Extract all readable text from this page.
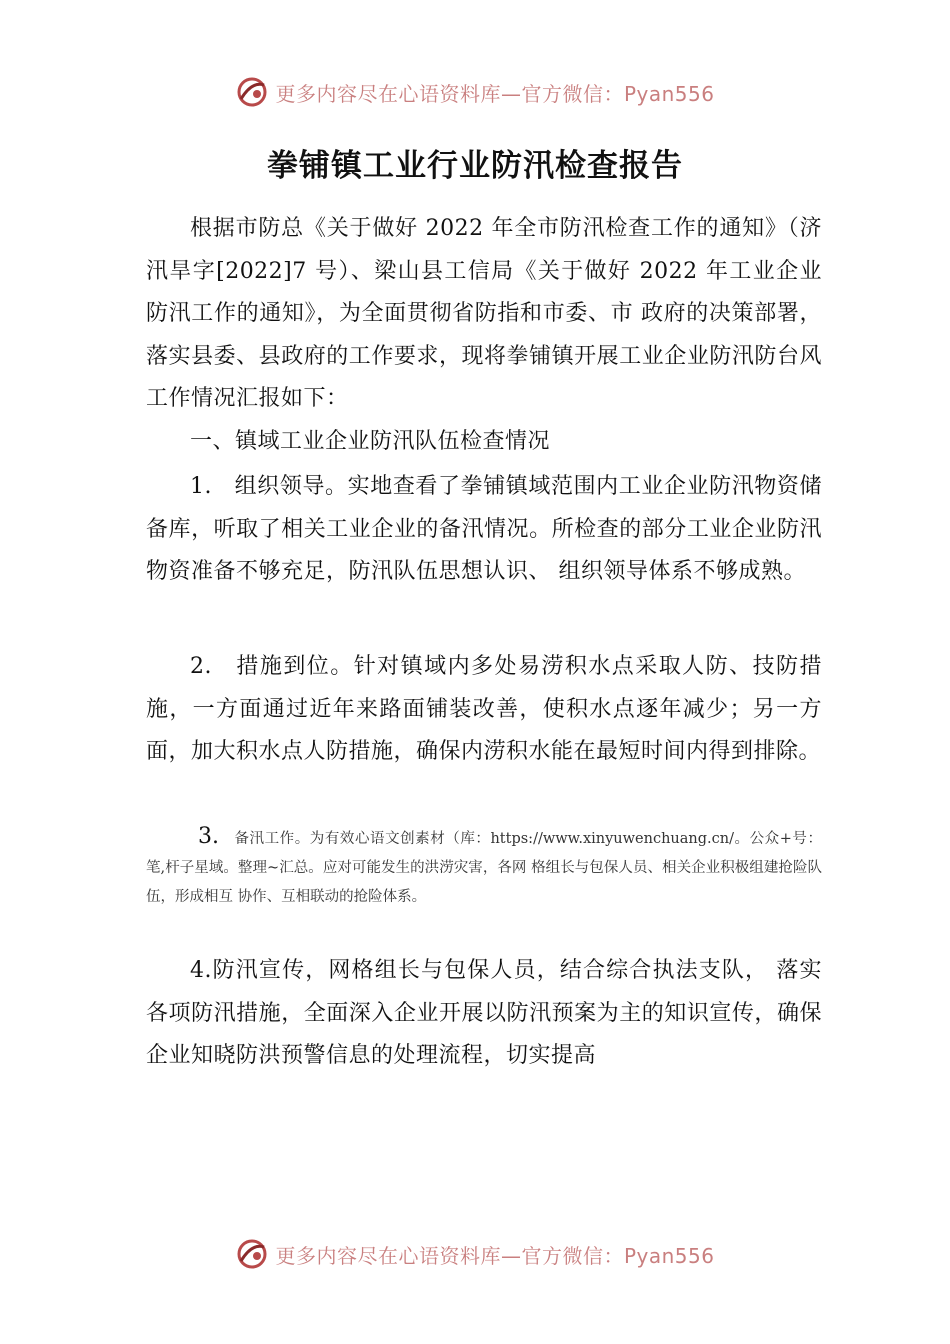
更多内容尽在心语资料库—官方微信：Pyan556
拳铺镇工业行业防汛检查报告

根据市防总《关于做好 2022 年全市防汛检查工作的通知》（济汛旱字[2022]7 号）、梁山县工信局《关于做好 2022 年工业企业防汛工作的通知》，为全面贯彻省防指和市委、市 政府的决策部署，落实县委、县政府的工作要求，现将拳铺镇开展工业企业防汛防台风工作情况汇报如下：

一、镇域工业企业防汛队伍检查情况

1.　组织领导。实地查看了拳铺镇域范围内工业企业防汛物资储备库，听取了相关工业企业的备汛情况。所检查的部分工业企业防汛物资准备不够充足，防汛队伍思想认识、 组织领导体系不够成熟。

2.　措施到位。针对镇域内多处易涝积水点采取人防、技防措施，一方面通过近年来路面铺装改善，使积水点逐年减少；另一方面，加大积水点人防措施，确保内涝积水能在最短时间内得到排除。

3. 备汛工作。为有效心语文创素材（库：https://www.xinyuwenchuang.cn/。公众+号：笔,杆子星域。整理~汇总。应对可能发生的洪涝灾害，各网 格组长与包保人员、相关企业积极组建抢险队伍，形成相互 协作、互相联动的抢险体系。

4.防汛宣传，网格组长与包保人员，结合综合执法支队， 落实各项防汛措施，全面深入企业开展以防汛预案为主的知识宣传，确保企业知晓防洪预警信息的处理流程，切实提高

更多内容尽在心语资料库—官方微信：Pyan556
